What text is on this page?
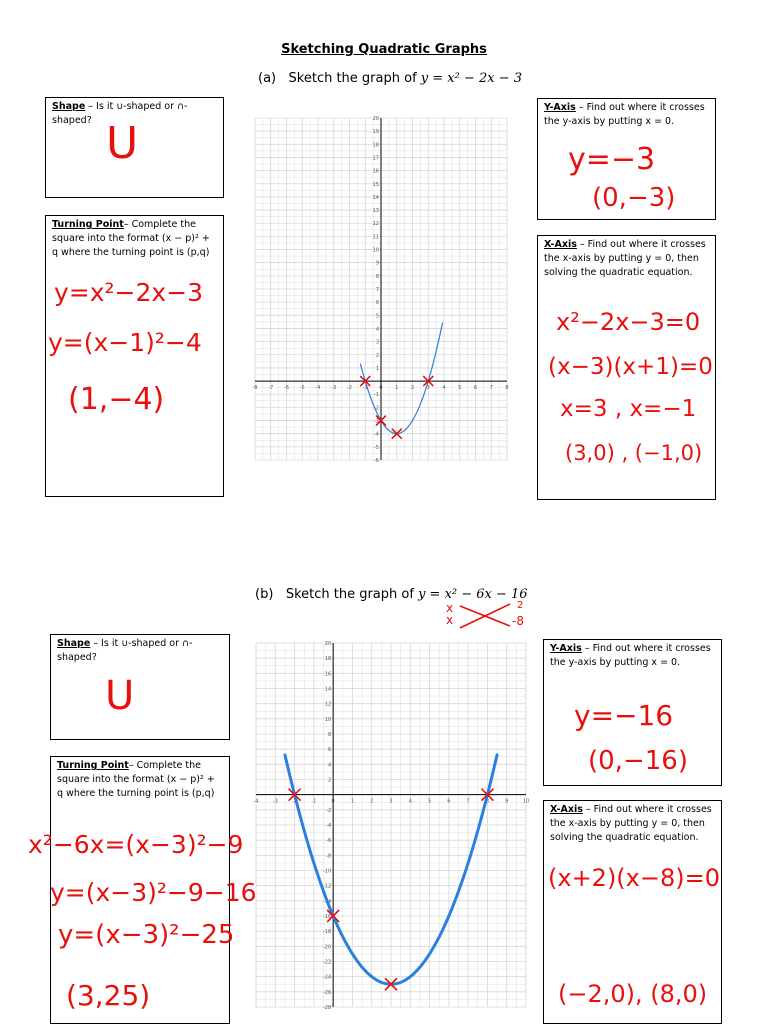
Sketching Quadratic Graphs
(a) Sketch the graph of y = x² − 2x − 3
Shape – Is it ∪-shaped or ∩-shaped? U
Turning Point– Complete the square into the format (x − p)² + q where the turning point is (p,q)
y=x²−2x−3
y=(x−1)²−4
(1,−4)
Y-Axis – Find out where it crosses the y-axis by putting x = 0.
y=−3
(0,−3)
X-Axis – Find out where it crosses the x-axis by putting y = 0, then solving the quadratic equation.
x²−2x−3=0
(x−3)(x+1)=0
x=3 , x=−1
(3,0) , (−1,0)
-8 -7 -6 -5 -4 -3 -2 -1 0	1	2	3	4	5	6	7	8
20
19
18
17
16
15
14
13
12
11
10
9
8
7
6
5
4
3
2
1
-1
-2
-3
-4
-5
-6
(b) Sketch the graph of y = x² − 6x − 16
x
x
2
-8
Shape – Is it ∪-shaped or ∩-shaped?
U
Turning Point– Complete the square into the format (x − p)² + q where the turning point is (p,q)
x²−6x=(x−3)²−9
y=(x−3)²−9−16
y=(x−3)²−25
(3,25)
Y-Axis – Find out where it crosses the y-axis by putting x = 0.
y=−16
(0,−16)
X-Axis – Find out where it crosses the x-axis by putting y = 0, then solving the quadratic equation.
(x+2)(x−8)=0
(−2,0), (8,0)
-4	-3	-2	-1	0	1	2	3	4	5	6	7	8	9	10
20
18
16
14
12
10
8
6
4
2
-2
-4
-6
-8
-10
-12
-14
-16
-18
-20
-22
-24
-26
-28
